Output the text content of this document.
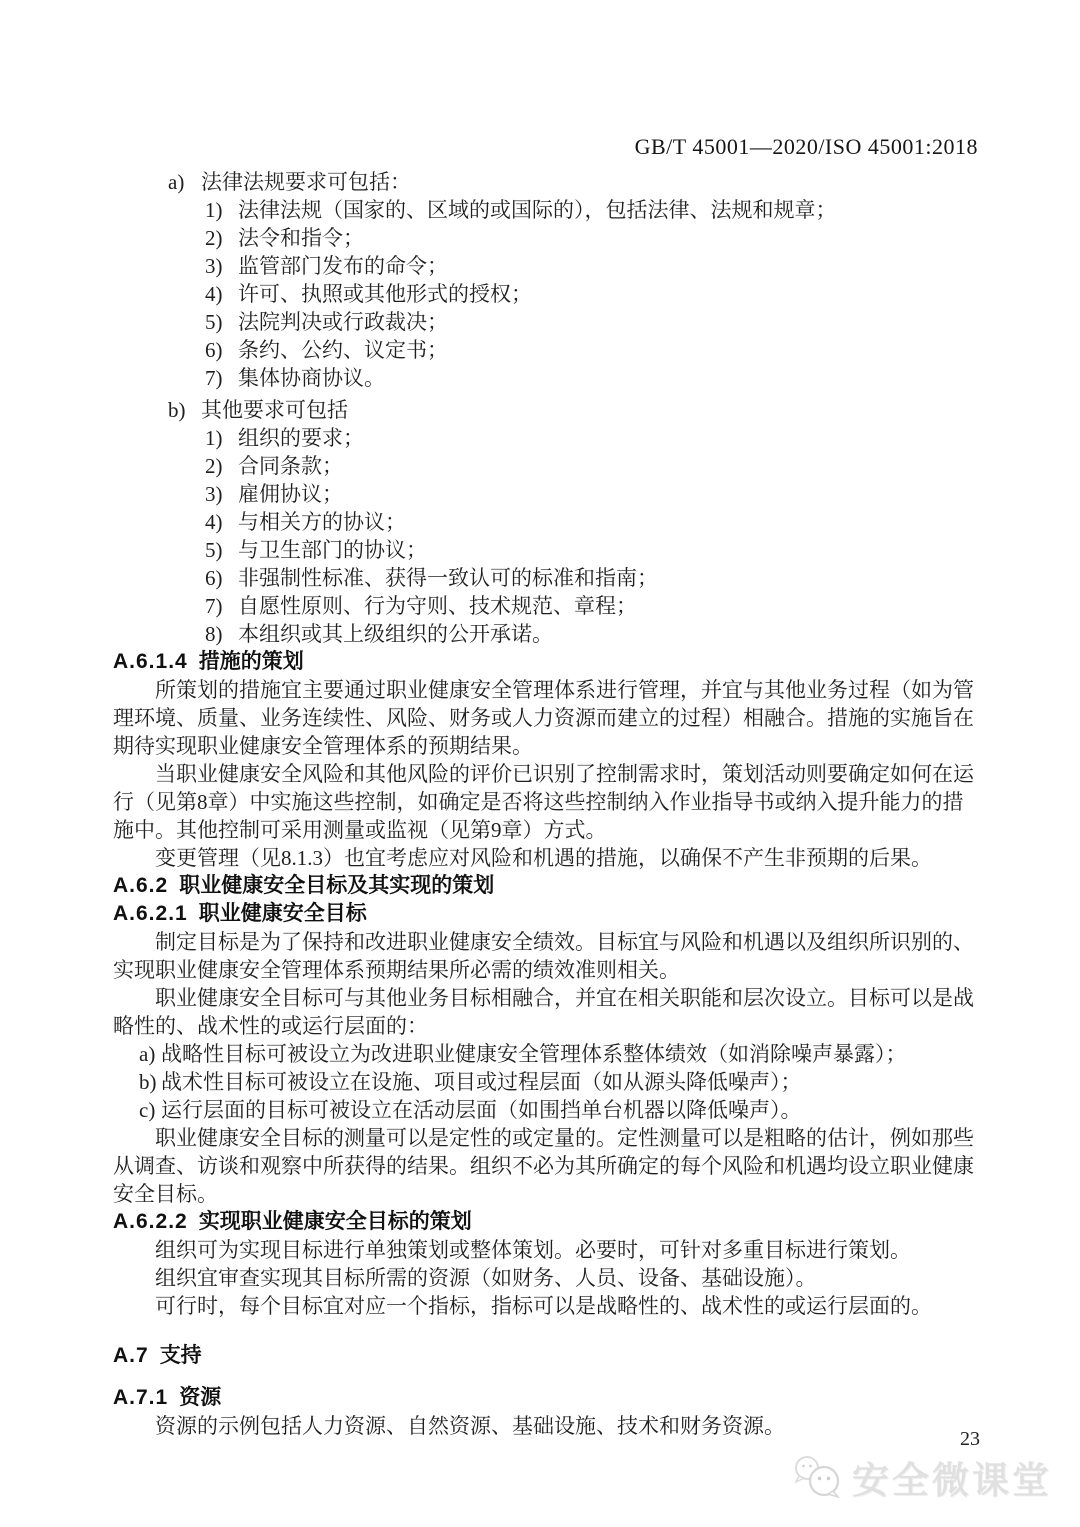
GB/T 45001—2020/ISO 45001:2018
a) 法律法规要求可包括：
1) 法律法规（国家的、区域的或国际的），包括法律、法规和规章；
2) 法令和指令；
3) 监管部门发布的命令；
4) 许可、执照或其他形式的授权；
5) 法院判决或行政裁决；
6) 条约、公约、议定书；
7) 集体协商协议。
b) 其他要求可包括
1) 组织的要求；
2) 合同条款；
3) 雇佣协议；
4) 与相关方的协议；
5) 与卫生部门的协议；
6) 非强制性标准、获得一致认可的标准和指南；
7) 自愿性原则、行为守则、技术规范、章程；
8) 本组织或其上级组织的公开承诺。
A.6.1.4 措施的策划

所策划的措施宜主要通过职业健康安全管理体系进行管理，并宜与其他业务过程（如为管理环境、质量、业务连续性、风险、财务或人力资源而建立的过程）相融合。措施的实施旨在期待实现职业健康安全管理体系的预期结果。

当职业健康安全风险和其他风险的评价已识别了控制需求时，策划活动则要确定如何在运行（见第8章）中实施这些控制，如确定是否将这些控制纳入作业指导书或纳入提升能力的措施中。其他控制可采用测量或监视（见第9章）方式。

变更管理（见8.1.3）也宜考虑应对风险和机遇的措施，以确保不产生非预期的后果。

A.6.2 职业健康安全目标及其实现的策划
A.6.2.1 职业健康安全目标

制定目标是为了保持和改进职业健康安全绩效。目标宜与风险和机遇以及组织所识别的、实现职业健康安全管理体系预期结果所必需的绩效准则相关。

职业健康安全目标可与其他业务目标相融合，并宜在相关职能和层次设立。目标可以是战略性的、战术性的或运行层面的：

a) 战略性目标可被设立为改进职业健康安全管理体系整体绩效（如消除噪声暴露）；
b) 战术性目标可被设立在设施、项目或过程层面（如从源头降低噪声）；
c) 运行层面的目标可被设立在活动层面（如围挡单台机器以降低噪声）。

职业健康安全目标的测量可以是定性的或定量的。定性测量可以是粗略的估计，例如那些从调查、访谈和观察中所获得的结果。组织不必为其所确定的每个风险和机遇均设立职业健康安全目标。

A.6.2.2 实现职业健康安全目标的策划

组织可为实现目标进行单独策划或整体策划。必要时，可针对多重目标进行策划。

组织宜审查实现其目标所需的资源（如财务、人员、设备、基础设施）。

可行时，每个目标宜对应一个指标，指标可以是战略性的、战术性的或运行层面的。

A.7 支持
A.7.1 资源

资源的示例包括人力资源、自然资源、基础设施、技术和财务资源。

23
安全微课堂
